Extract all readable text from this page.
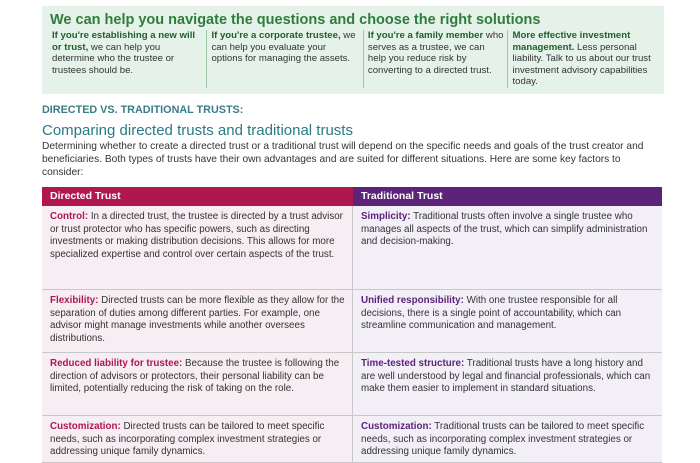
We can help you navigate the questions and choose the right solutions
If you're establishing a new will or trust, we can help you determine who the trustee or trustees should be.
If you're a corporate trustee, we can help you evaluate your options for managing the assets.
If you're a family member who serves as a trustee, we can help you reduce risk by converting to a directed trust.
More effective investment management. Less personal liability. Talk to us about our trust investment advisory capabilities today.
DIRECTED VS. TRADITIONAL TRUSTS:
Comparing directed trusts and traditional trusts
Determining whether to create a directed trust or a traditional trust will depend on the specific needs and goals of the trust creator and beneficiaries. Both types of trusts have their own advantages and are suited for different situations. Here are some key factors to consider:
Directed Trust	Traditional Trust
Control: In a directed trust, the trustee is directed by a trust advisor or trust protector who has specific powers, such as directing investments or making distribution decisions. This allows for more specialized expertise and control over certain aspects of the trust.
Simplicity: Traditional trusts often involve a single trustee who manages all aspects of the trust, which can simplify administration and decision-making.
Flexibility: Directed trusts can be more flexible as they allow for the separation of duties among different parties. For example, one advisor might manage investments while another oversees distributions.
Unified responsibility: With one trustee responsible for all decisions, there is a single point of accountability, which can streamline communication and management.
Reduced liability for trustee: Because the trustee is following the direction of advisors or protectors, their personal liability can be limited, potentially reducing the risk of taking on the role.
Time-tested structure: Traditional trusts have a long history and are well understood by legal and financial professionals, which can make them easier to implement in standard situations.
Customization: Directed trusts can be tailored to meet specific needs, such as incorporating complex investment strategies or addressing unique family dynamics.
Customization: Traditional trusts can be tailored to meet specific needs, such as incorporating complex investment strategies or addressing unique family dynamics.
